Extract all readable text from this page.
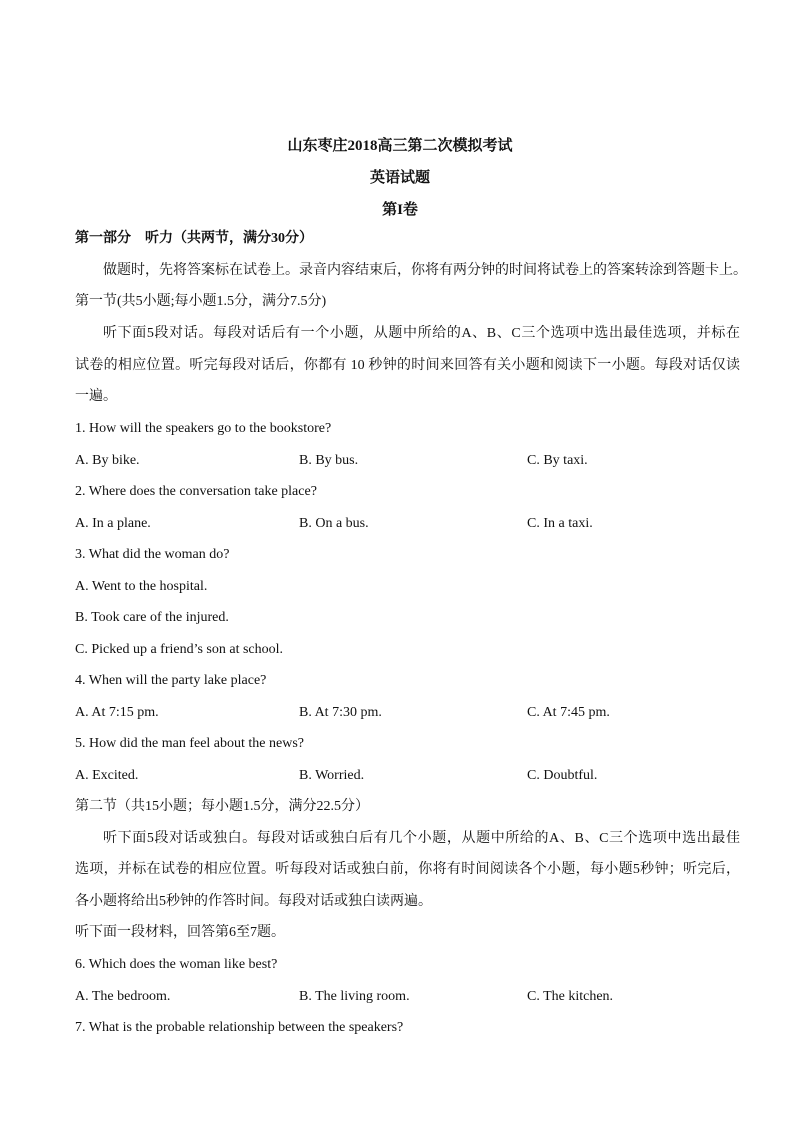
山东枣庄2018高三第二次模拟考试
英语试题
第I卷
第一部分    听力（共两节，满分30分）
做题时，先将答案标在试卷上。录音内容结束后，你将有两分钟的时间将试卷上的答案转涂到答题卡上。
第一节(共5小题;每小题1.5分，满分7.5分)
听下面5段对话。每段对话后有一个小题，从题中所给的A、B、C三个选项中选出最佳选项，并标在
试卷的相应位置。听完每段对话后，你都有 10 秒钟的时间来回答有关小题和阅读下一小题。每段对话仅读
一遍。
1. How will the speakers go to the bookstore?
A. By bike.	B. By bus.	C. By taxi.
2. Where does the conversation take place?
A. In a plane.	B. On a bus.	C. In a taxi.
3. What did the woman do?
A. Went to the hospital.
B. Took care of the injured.
C. Picked up a friend’s son at school.
4. When will the party lake place?
A. At 7:15 pm.	B. At 7:30 pm.	C. At 7:45 pm.
5. How did the man feel about the news?
A. Excited.	B. Worried.	C. Doubtful.
第二节（共15小题；每小题1.5分，满分22.5分）
听下面5段对话或独白。每段对话或独白后有几个小题，从题中所给的A、B、C三个选项中选出最佳
选项，并标在试卷的相应位置。听每段对话或独白前，你将有时间阅读各个小题，每小题5秒钟；听完后，
各小题将给出5秒钟的作答时间。每段对话或独白读两遍。
听下面一段材料，回答第6至7题。
6. Which does the woman like best?
A. The bedroom.	B. The living room.	C. The kitchen.
7. What is the probable relationship between the speakers?
